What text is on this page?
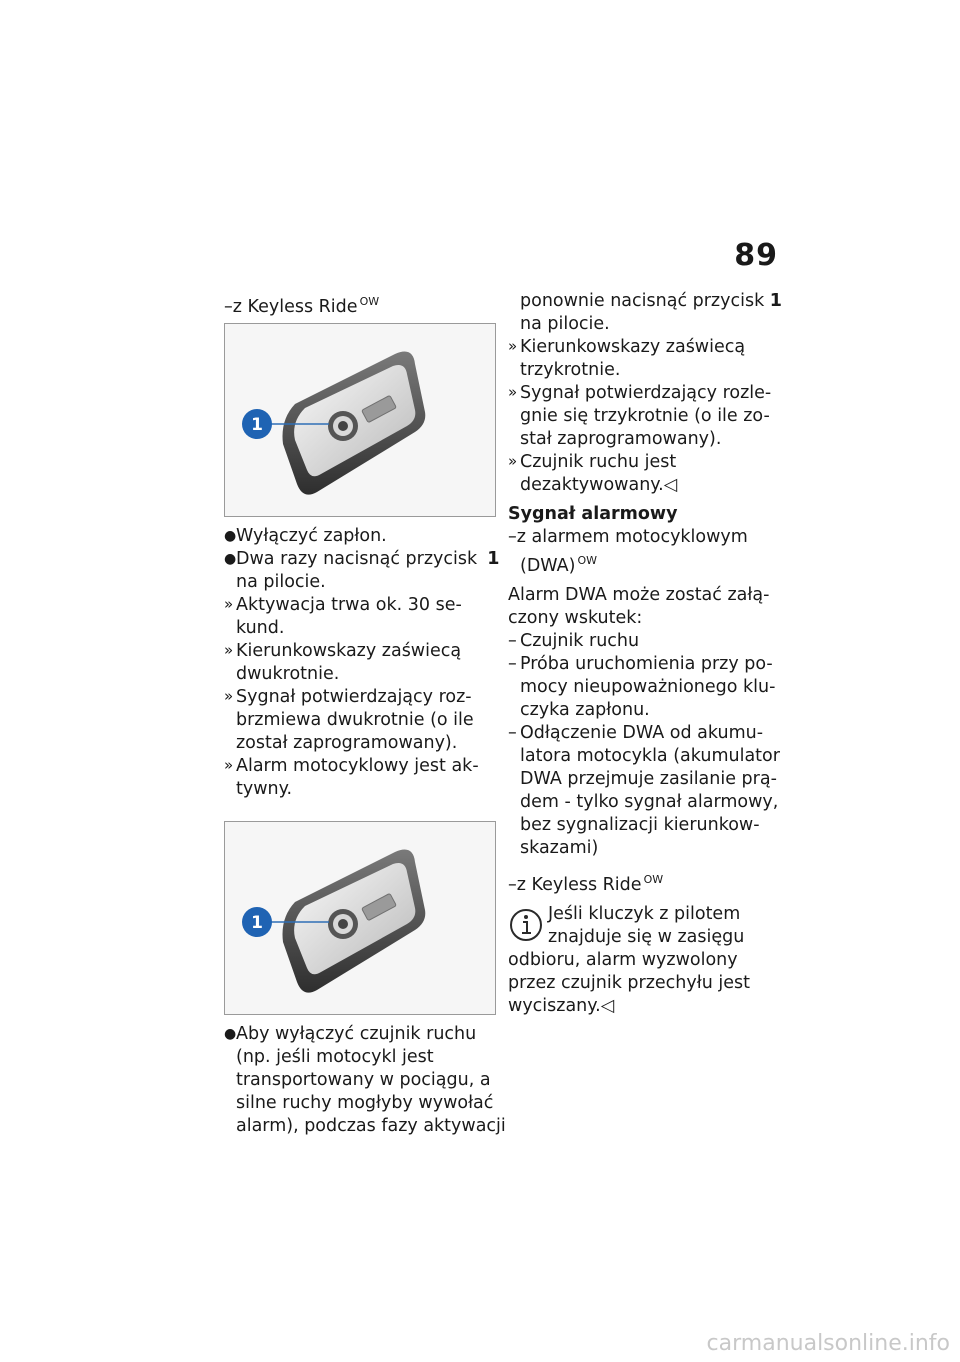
89
–z Keyless Ride $^{OW}$
1
● Wyłączyć zapłon.
● Dwa razy nacisnąć przycisk 1
na pilocie.
» Aktywacja trwa ok. 30 se-
kund.
» Kierunkowskazy zaświecą
dwukrotnie.
» Sygnał potwierdzający roz-
brzmiewa dwukrotnie (o ile
został zaprogramowany).
» Alarm motocyklowy jest ak-
tywny.
1
● Aby wyłączyć czujnik ruchu
(np. jeśli motocykl jest
transportowany w pociągu, a
silne ruchy mogłyby wywołać
alarm), podczas fazy aktywacji
ponownie nacisnąć przycisk 1
na pilocie.
» Kierunkowskazy zaświecą
trzykrotnie.
» Sygnał potwierdzający rozle-
gnie się trzykrotnie (o ile zo-
stał zaprogramowany).
» Czujnik ruchu jest
dezaktywowany.◁
Sygnał alarmowy
–z alarmem motocyklowym
(DWA) $^{OW}$
Alarm DWA może zostać załą-
czony wskutek:
– Czujnik ruchu
– Próba uruchomienia przy po-
mocy nieupoważnionego klu-
czyka zapłonu.
– Odłączenie DWA od akumu-
latora motocykla (akumulator
DWA przejmuje zasilanie prą-
dem - tylko sygnał alarmowy,
bez sygnalizacji kierunkow-
skazami)
–z Keyless Ride $^{OW}$
Jeśli kluczyk z pilotem
znajduje się w zasięgu
odbioru, alarm wyzwolony
przez czujnik przechyłu jest
wyciszany.◁
carmanualsonline.info
